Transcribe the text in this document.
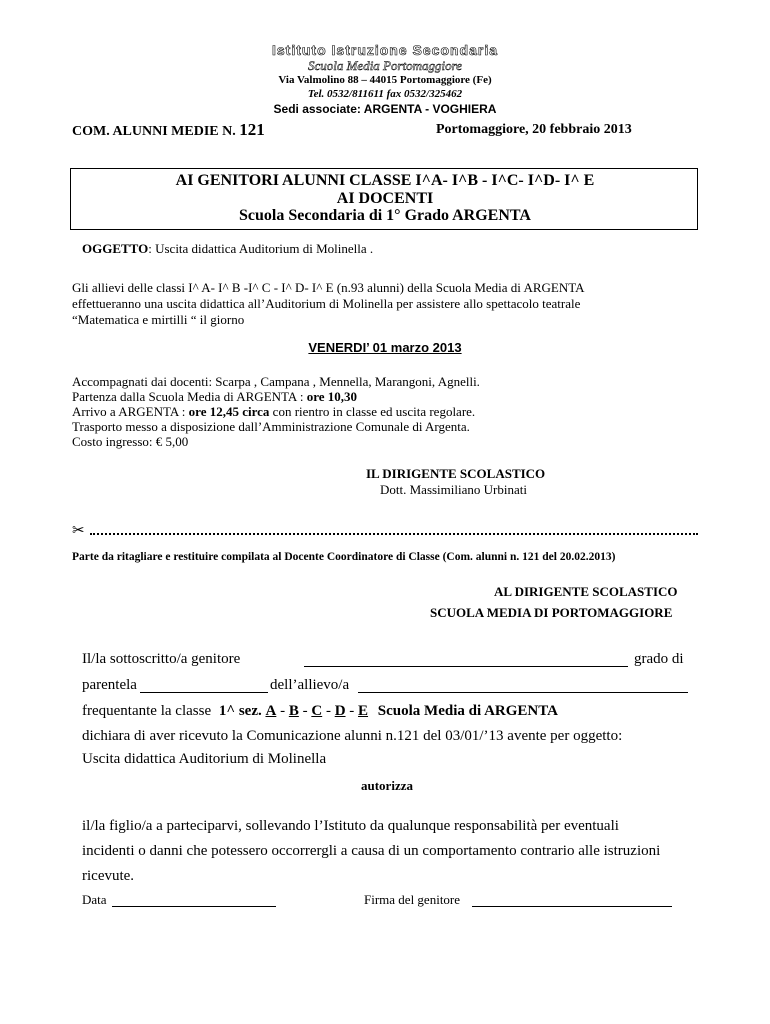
Istituto Istruzione Secondaria
Scuola Media Portomaggiore
Via Valmolino 88 – 44015 Portomaggiore (Fe)
Tel. 0532/811611 fax 0532/325462
Sedi associate: ARGENTA - VOGHIERA
COM. ALUNNI MEDIE N. 121	Portomaggiore, 20 febbraio 2013
AI GENITORI ALUNNI CLASSE I^A- I^B - I^C- I^D- I^ E
AI DOCENTI
Scuola Secondaria di 1° Grado ARGENTA
OGGETTO: Uscita didattica Auditorium di Molinella .
Gli allievi delle classi I^ A- I^ B -I^ C - I^ D- I^ E (n.93 alunni) della Scuola Media di ARGENTA
effettueranno una uscita didattica all’Auditorium di Molinella per assistere allo spettacolo teatrale
“Matematica e mirtilli “ il giorno
VENERDI’ 01 marzo 2013
Accompagnati dai docenti: Scarpa , Campana , Mennella, Marangoni, Agnelli.
Partenza dalla Scuola Media di ARGENTA : ore 10,30
Arrivo a ARGENTA : ore 12,45 circa con rientro in classe ed uscita regolare.
Trasporto messo a disposizione dall’Amministrazione Comunale di Argenta.
Costo ingresso: € 5,00
IL DIRIGENTE SCOLASTICO
Dott. Massimiliano Urbinati
✂
Parte da ritagliare e restituire compilata al Docente Coordinatore di Classe (Com. alunni n. 121 del 20.02.2013)
AL DIRIGENTE SCOLASTICO
SCUOLA MEDIA DI PORTOMAGGIORE
Il/la sottoscritto/a genitore	grado di
parentela	dell’allievo/a
frequentante la classe 1^ sez. A - B - C - D - E Scuola Media di ARGENTA
dichiara di aver ricevuto la Comunicazione alunni n.121 del 03/01/’13 avente per oggetto:
Uscita didattica Auditorium di Molinella
autorizza
il/la figlio/a a parteciparvi, sollevando l’Istituto da qualunque responsabilità per eventuali
incidenti o danni che potessero occorrergli a causa di un comportamento contrario alle istruzioni
ricevute.
Data	Firma del genitore
